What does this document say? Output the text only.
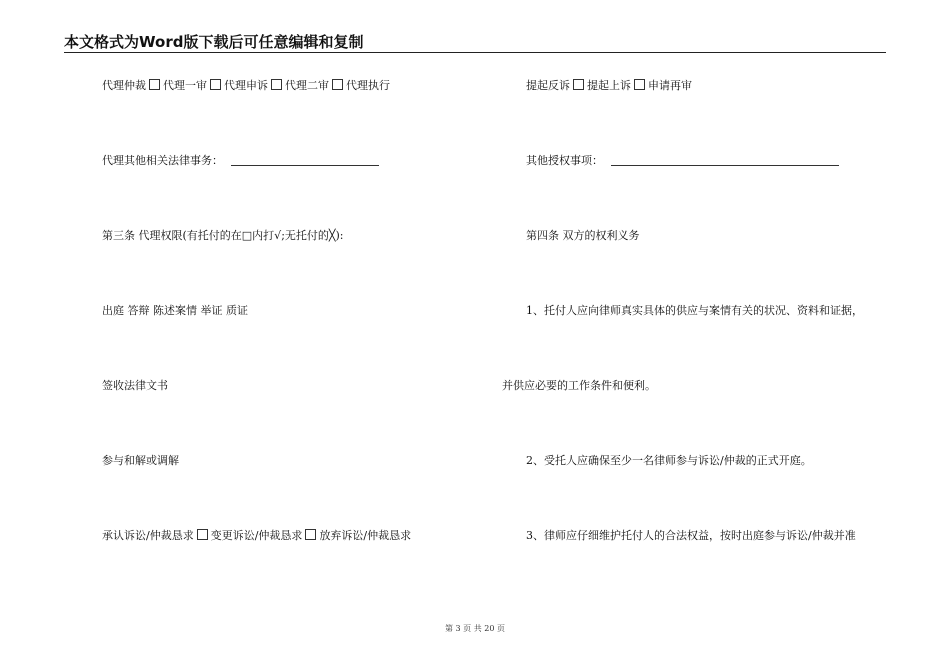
本文格式为Word版下载后可任意编辑和复制
代理仲裁 代理一审 代理申诉 代理二审 代理执行
代理其他相关法律事务：
第三条 代理权限(有托付的在□内打√;无托付的╳):
出庭 答辩 陈述案情 举证 质证
签收法律文书
参与和解或调解
承认诉讼/仲裁恳求 变更诉讼/仲裁恳求 放弃诉讼/仲裁恳求
提起反诉 提起上诉 申请再审
其他授权事项：
第四条 双方的权利义务
1、托付人应向律师真实具体的供应与案情有关的状况、资料和证据，
并供应必要的工作条件和便利。
2、受托人应确保至少一名律师参与诉讼/仲裁的正式开庭。
3、律师应仔细维护托付人的合法权益，按时出庭参与诉讼/仲裁并准
第 3 页 共 20 页
